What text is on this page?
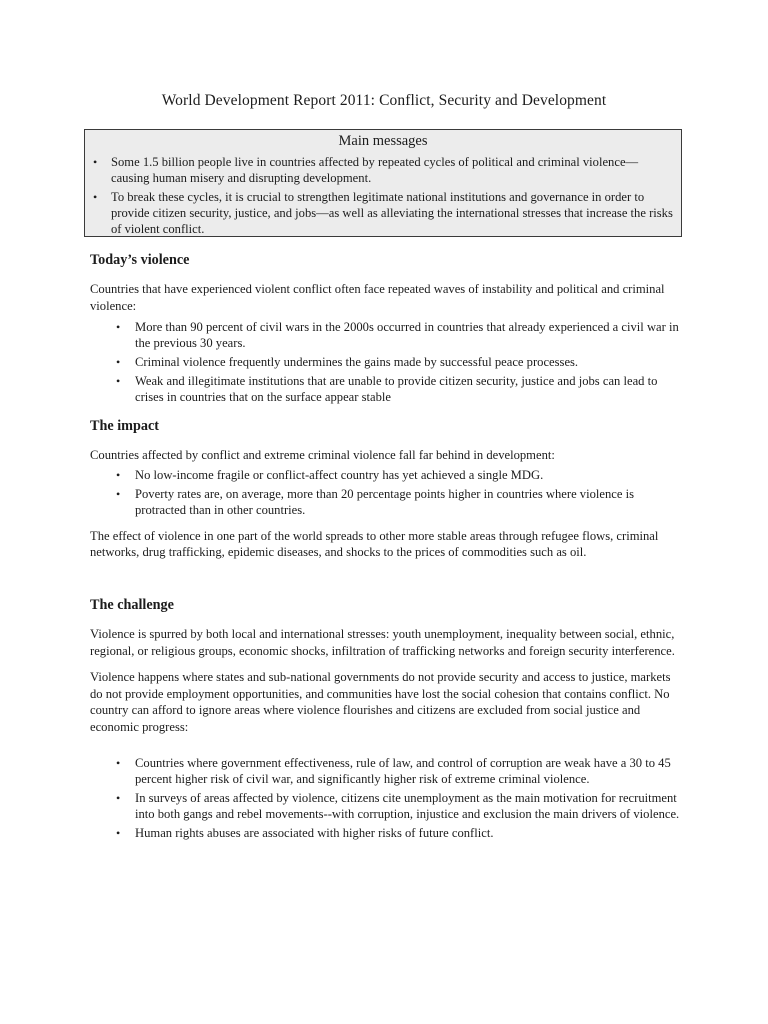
World Development Report 2011: Conflict, Security and Development
Main messages
• Some 1.5 billion people live in countries affected by repeated cycles of political and criminal violence—causing human misery and disrupting development.
• To break these cycles, it is crucial to strengthen legitimate national institutions and governance in order to provide citizen security, justice, and jobs—as well as alleviating the international stresses that increase the risks of violent conflict.
Today’s violence

Countries that have experienced violent conflict often face repeated waves of instability and political and criminal violence:

• More than 90 percent of civil wars in the 2000s occurred in countries that already experienced a civil war in the previous 30 years.
• Criminal violence frequently undermines the gains made by successful peace processes.
• Weak and illegitimate institutions that are unable to provide citizen security, justice and jobs can lead to crises in countries that on the surface appear stable
The impact

Countries affected by conflict and extreme criminal violence fall far behind in development:

• No low-income fragile or conflict-affect country has yet achieved a single MDG.
• Poverty rates are, on average, more than 20 percentage points higher in countries where violence is protracted than in other countries.

The effect of violence in one part of the world spreads to other more stable areas through refugee flows, criminal networks, drug trafficking, epidemic diseases, and shocks to the prices of commodities such as oil.

The challenge

Violence is spurred by both local and international stresses: youth unemployment, inequality between social, ethnic, regional, or religious groups, economic shocks, infiltration of trafficking networks and foreign security interference.

Violence happens where states and sub-national governments do not provide security and access to justice, markets do not provide employment opportunities, and communities have lost the social cohesion that contains conflict. No country can afford to ignore areas where violence flourishes and citizens are excluded from social justice and economic progress:

• Countries where government effectiveness, rule of law, and control of corruption are weak have a 30 to 45 percent higher risk of civil war, and significantly higher risk of extreme criminal violence.
• In surveys of areas affected by violence, citizens cite unemployment as the main motivation for recruitment into both gangs and rebel movements--with corruption, injustice and exclusion the main drivers of violence.
• Human rights abuses are associated with higher risks of future conflict.
